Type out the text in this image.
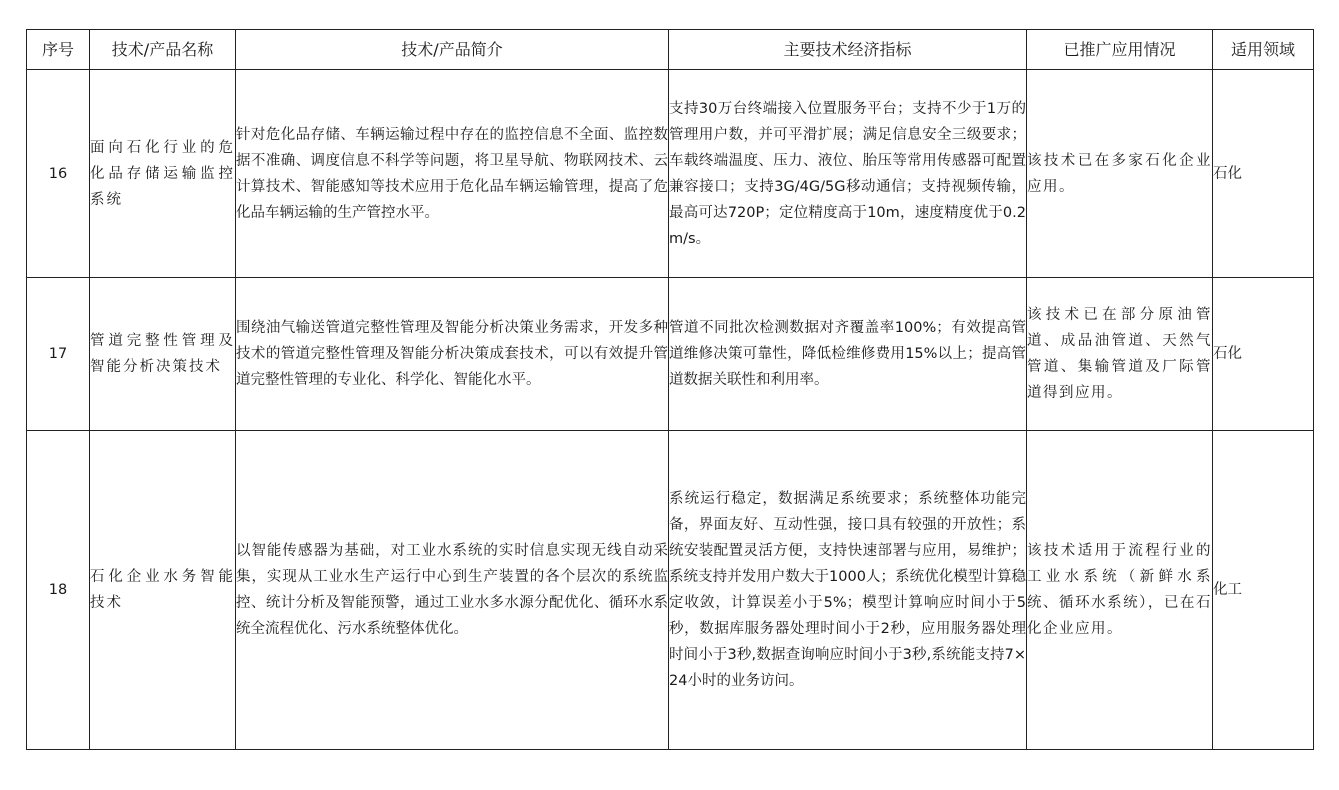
序号	技术/产品名称	技术/产品简介	主要技术经济指标	已推广应用情况	适用领域
16	面向石化行业的危化品存储运输监控系统	针对危化品存储、车辆运输过程中存在的监控信息不全面、监控数据不准确、调度信息不科学等问题，将卫星导航、物联网技术、云计算技术、智能感知等技术应用于危化品车辆运输管理，提高了危化品车辆运输的生产管控水平。	支持30万台终端接入位置服务平台；支持不少于1万的管理用户数，并可平滑扩展；满足信息安全三级要求；车载终端温度、压力、液位、胎压等常用传感器可配置兼容接口；支持3G/4G/5G移动通信；支持视频传输，最高可达720P；定位精度高于10m，速度精度优于0.2m/s。	该技术已在多家石化企业应用。	石化
17	管道完整性管理及智能分析决策技术	围绕油气输送管道完整性管理及智能分析决策业务需求，开发多种技术的管道完整性管理及智能分析决策成套技术，可以有效提升管道完整性管理的专业化、科学化、智能化水平。	管道不同批次检测数据对齐覆盖率100%；有效提高管道维修决策可靠性，降低检维修费用15%以上；提高管道数据关联性和利用率。	该技术已在部分原油管道、成品油管道、天然气管道、集输管道及厂际管道得到应用。	石化
18	石化企业水务智能技术	以智能传感器为基础，对工业水系统的实时信息实现无线自动采集，实现从工业水生产运行中心到生产装置的各个层次的系统监控、统计分析及智能预警，通过工业水多水源分配优化、循环水系统全流程优化、污水系统整体优化。	系统运行稳定，数据满足系统要求；系统整体功能完备，界面友好、互动性强，接口具有较强的开放性；系统安装配置灵活方便，支持快速部署与应用，易维护；系统支持并发用户数大于1000人；系统优化模型计算稳定收敛，计算误差小于5%；模型计算响应时间小于5秒，数据库服务器处理时间小于2秒，应用服务器处理时间小于3秒,数据查询响应时间小于3秒,系统能支持7×24小时的业务访问。	该技术适用于流程行业的工业水系统（新鲜水系统、循环水系统），已在石化企业应用。	化工
